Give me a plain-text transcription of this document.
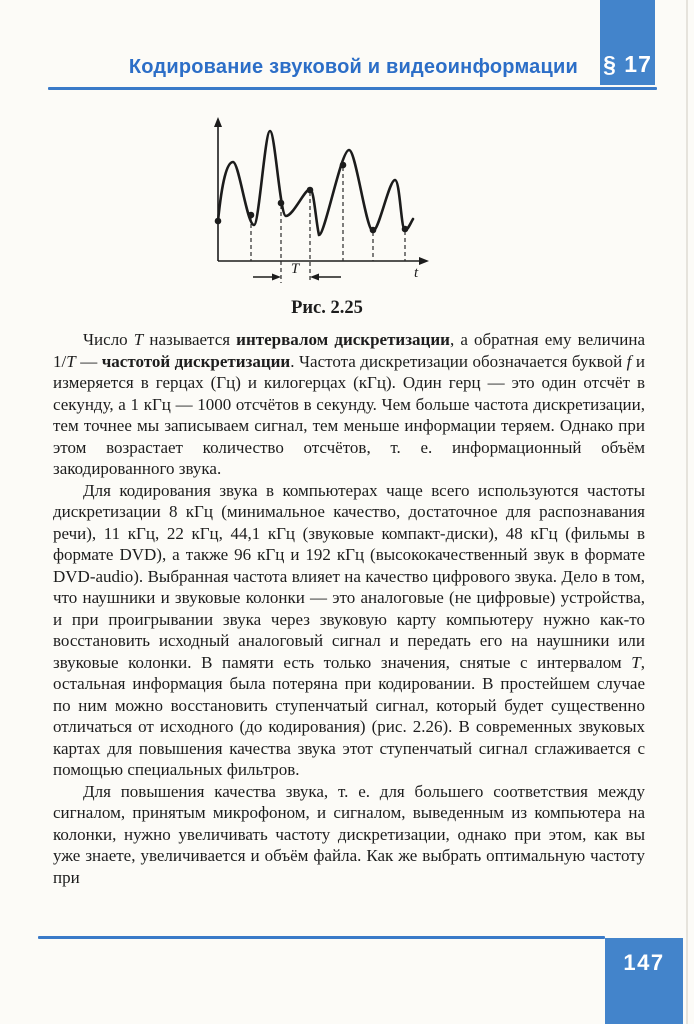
Кодирование звуковой и видеоинформации § 17
T	t
Рис. 2.25

Число T называется интервалом дискретизации, а обратная ему величина 1/T — частотой дискретизации. Частота дискретизации обозначается буквой f и измеряется в герцах (Гц) и килогерцах (кГц). Один герц — это один отсчёт в секунду, а 1 кГц — 1000 отсчётов в секунду. Чем больше частота дискретизации, тем точнее мы записываем сигнал, тем меньше информации теряем. Однако при этом возрастает количество отсчётов, т. е. информационный объём закодированного звука.

Для кодирования звука в компьютерах чаще всего используются частоты дискретизации 8 кГц (минимальное качество, достаточное для распознавания речи), 11 кГц, 22 кГц, 44,1 кГц (звуковые компакт-диски), 48 кГц (фильмы в формате DVD), а также 96 кГц и 192 кГц (высококачественный звук в формате DVD-audio). Выбранная частота влияет на качество цифрового звука. Дело в том, что наушники и звуковые колонки — это аналоговые (не цифровые) устройства, и при проигрывании звука через звуковую карту компьютеру нужно как-то восстановить исходный аналоговый сигнал и передать его на наушники или звуковые колонки. В памяти есть только значения, снятые с интервалом T, остальная информация была потеряна при кодировании. В простейшем случае по ним можно восстановить ступенчатый сигнал, который будет существенно отличаться от исходного (до кодирования) (рис. 2.26). В современных звуковых картах для повышения качества звука этот ступенчатый сигнал сглаживается с помощью специальных фильтров.

Для повышения качества звука, т. е. для большего соответствия между сигналом, принятым микрофоном, и сигналом, выведенным из компьютера на колонки, нужно увеличивать частоту дискретизации, однако при этом, как вы уже знаете, увеличивается и объём файла. Как же выбрать оптимальную частоту при

147
